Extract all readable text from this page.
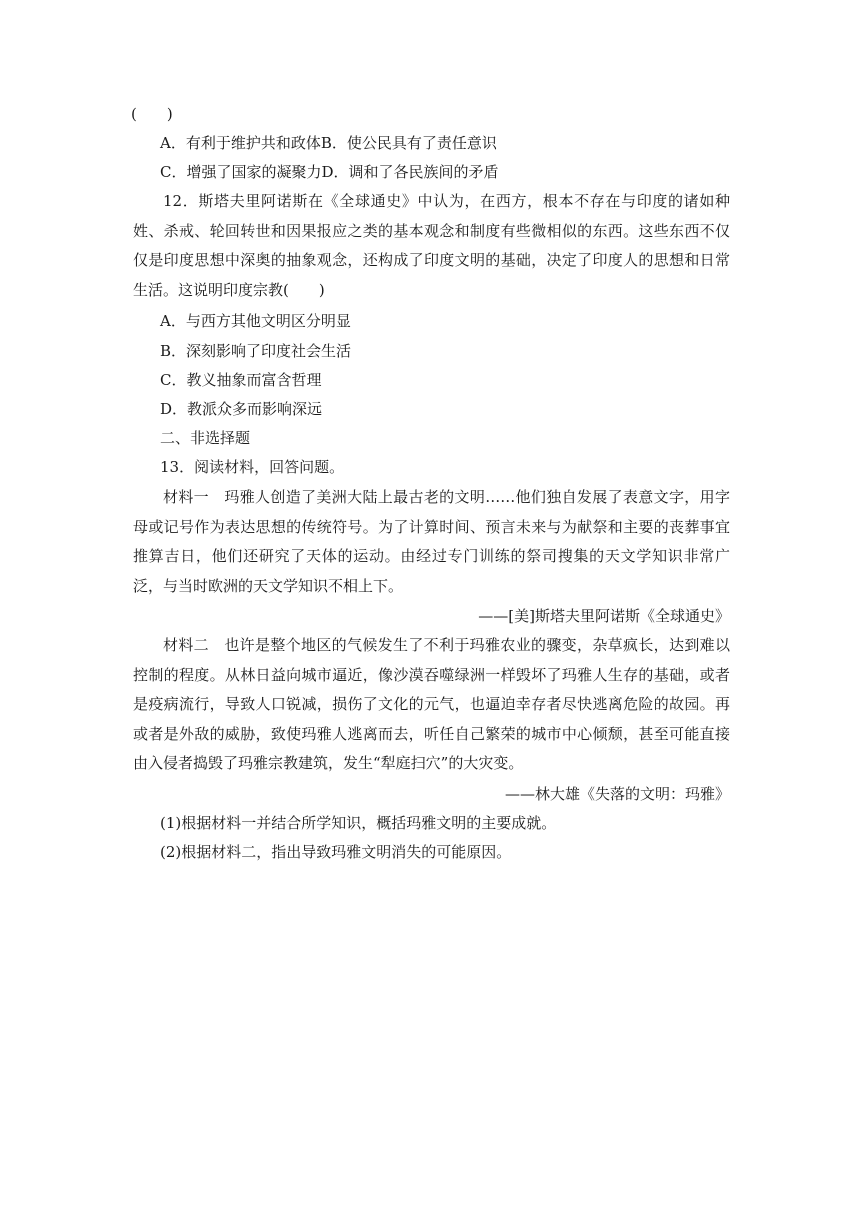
(　　)
A．有利于维护共和政体B．使公民具有了责任意识
C．增强了国家的凝聚力D．调和了各民族间的矛盾
12．斯塔夫里阿诺斯在《全球通史》中认为，在西方，根本不存在与印度的诸如种姓、杀戒、轮回转世和因果报应之类的基本观念和制度有些微相似的东西。这些东西不仅仅是印度思想中深奥的抽象观念，还构成了印度文明的基础，决定了印度人的思想和日常生活。这说明印度宗教(　　)
A．与西方其他文明区分明显
B．深刻影响了印度社会生活
C．教义抽象而富含哲理
D．教派众多而影响深远
二、非选择题
13．阅读材料，回答问题。
材料一　玛雅人创造了美洲大陆上最古老的文明……他们独自发展了表意文字，用字母或记号作为表达思想的传统符号。为了计算时间、预言未来与为献祭和主要的丧葬事宜推算吉日，他们还研究了天体的运动。由经过专门训练的祭司搜集的天文学知识非常广泛，与当时欧洲的天文学知识不相上下。
——[美]斯塔夫里阿诺斯《全球通史》
材料二　也许是整个地区的气候发生了不利于玛雅农业的骤变，杂草疯长，达到难以控制的程度。从林日益向城市逼近，像沙漠吞噬绿洲一样毁坏了玛雅人生存的基础，或者是疫病流行，导致人口锐减，损伤了文化的元气，也逼迫幸存者尽快逃离危险的故园。再或者是外敌的威胁，致使玛雅人逃离而去，听任自己繁荣的城市中心倾颓，甚至可能直接由入侵者捣毁了玛雅宗教建筑，发生“犁庭扫穴”的大灾变。
——林大雄《失落的文明：玛雅》
(1)根据材料一并结合所学知识，概括玛雅文明的主要成就。
(2)根据材料二，指出导致玛雅文明消失的可能原因。
